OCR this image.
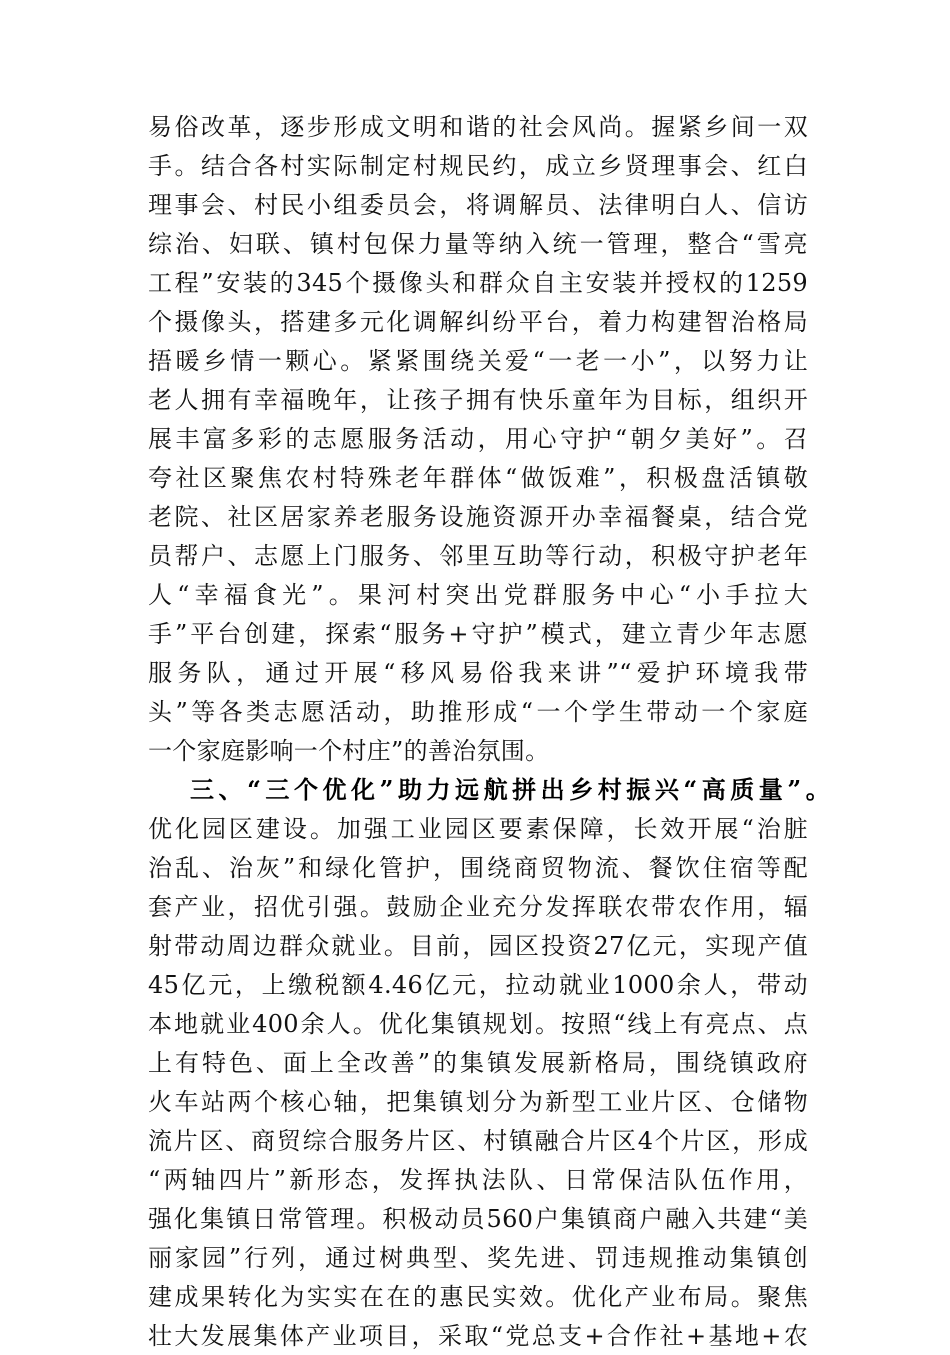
易俗改革，逐步形成文明和谐的社会风尚。握紧乡间一双
手。结合各村实际制定村规民约，成立乡贤理事会、红白
理事会、村民小组委员会，将调解员、法律明白人、信访
综治、妇联、镇村包保力量等纳入统一管理，整合“雪亮
工程”安装的345个摄像头和群众自主安装并授权的1259
个摄像头，搭建多元化调解纠纷平台，着力构建智治格局
捂暖乡情一颗心。紧紧围绕关爱“一老一小”，以努力让
老人拥有幸福晚年，让孩子拥有快乐童年为目标，组织开
展丰富多彩的志愿服务活动，用心守护“朝夕美好”。召
夸社区聚焦农村特殊老年群体“做饭难”，积极盘活镇敬
老院、社区居家养老服务设施资源开办幸福餐桌，结合党
员帮户、志愿上门服务、邻里互助等行动，积极守护老年
人“幸福食光”。果河村突出党群服务中心“小手拉大
手”平台创建，探索“服务+守护”模式，建立青少年志愿
服务队，通过开展“移风易俗我来讲”“爱护环境我带
头”等各类志愿活动，助推形成“一个学生带动一个家庭
一个家庭影响一个村庄”的善治氛围。
三、“三个优化”助力远航拼出乡村振兴“高质量”。
优化园区建设。加强工业园区要素保障，长效开展“治脏
治乱、治灰”和绿化管护，围绕商贸物流、餐饮住宿等配
套产业，招优引强。鼓励企业充分发挥联农带农作用，辐
射带动周边群众就业。目前，园区投资27亿元，实现产值
45亿元，上缴税额4.46亿元，拉动就业1000余人，带动
本地就业400余人。优化集镇规划。按照“线上有亮点、点
上有特色、面上全改善”的集镇发展新格局，围绕镇政府
火车站两个核心轴，把集镇划分为新型工业片区、仓储物
流片区、商贸综合服务片区、村镇融合片区4个片区，形成
“两轴四片”新形态，发挥执法队、日常保洁队伍作用，
强化集镇日常管理。积极动员560户集镇商户融入共建“美
丽家园”行列，通过树典型、奖先进、罚违规推动集镇创
建成果转化为实实在在的惠民实效。优化产业布局。聚焦
壮大发展集体产业项目，采取“党总支+合作社+基地+农
